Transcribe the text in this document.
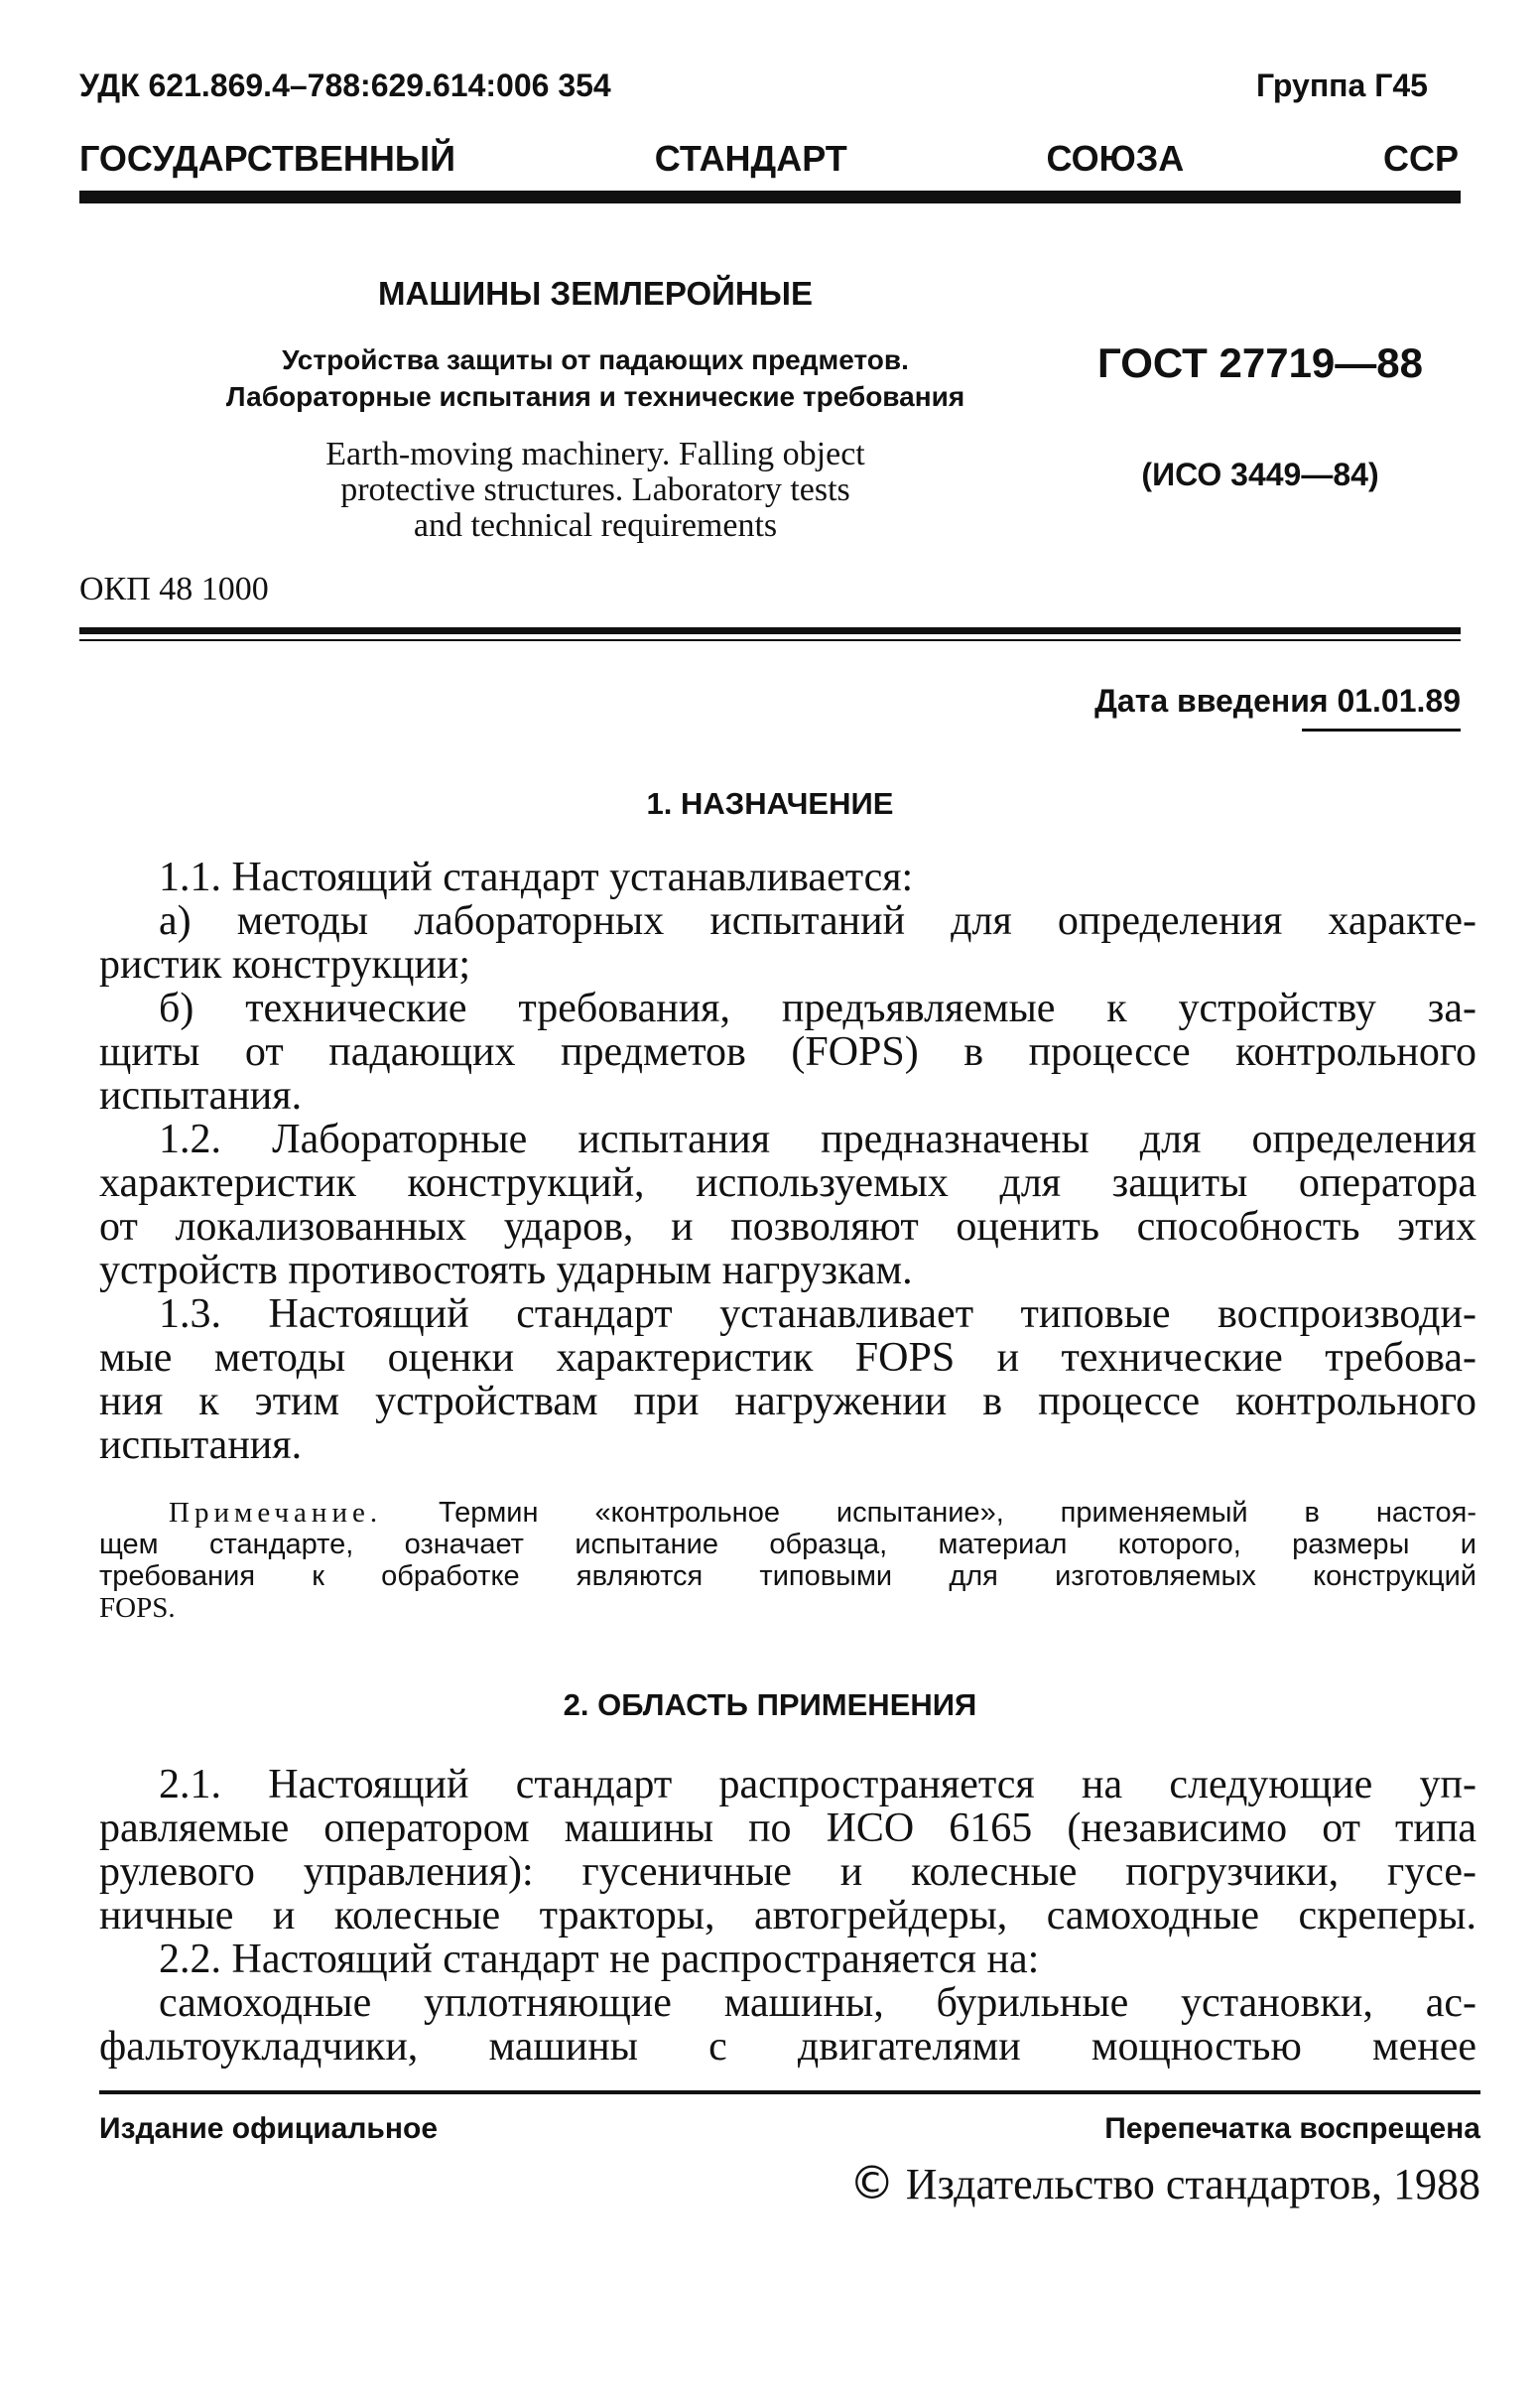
УДК 621.869.4–788:629.614:006 354	Группа Г45
ГОСУДАРСТВЕННЫЙ СТАНДАРТ СОЮЗА ССР
МАШИНЫ ЗЕМЛЕРОЙНЫЕ
Устройства защиты от падающих предметов.
Лабораторные испытания и технические требования
Earth-moving machinery. Falling object
protective structures. Laboratory tests
and technical requirements
ГОСТ 27719—88
(ИСО 3449—84)
ОКП 48 1000
Дата введения 01.01.89
1. НАЗНАЧЕНИЕ
1.1. Настоящий стандарт устанавливается:
а) методы лабораторных испытаний для определения характе-
ристик конструкции;
б) технические требования, предъявляемые к устройству за-
щиты от падающих предметов (FOPS) в процессе контрольного
испытания.
1.2. Лабораторные испытания предназначены для определения
характеристик конструкций, используемых для защиты оператора
от локализованных ударов, и позволяют оценить способность этих
устройств противостоять ударным нагрузкам.
1.3. Настоящий стандарт устанавливает типовые воспроизводи-
мые методы оценки характеристик FOPS и технические требова-
ния к этим устройствам при нагружении в процессе контрольного
испытания.
Примечание. Термин «контрольное испытание», применяемый в настоя-
щем стандарте, означает испытание образца, материал которого, размеры и
требования к обработке являются типовыми для изготовляемых конструкций
FOPS.
2. ОБЛАСТЬ ПРИМЕНЕНИЯ
2.1. Настоящий стандарт распространяется на следующие уп-
равляемые оператором машины по ИСО 6165 (независимо от типа
рулевого управления): гусеничные и колесные погрузчики, гусе-
ничные и колесные тракторы, автогрейдеры, самоходные скреперы.
2.2. Настоящий стандарт не распространяется на:
самоходные уплотняющие машины, бурильные установки, ас-
фальтоукладчики, машины с двигателями мощностью менее
Издание официальное	Перепечатка воспрещена
© Издательство стандартов, 1988
